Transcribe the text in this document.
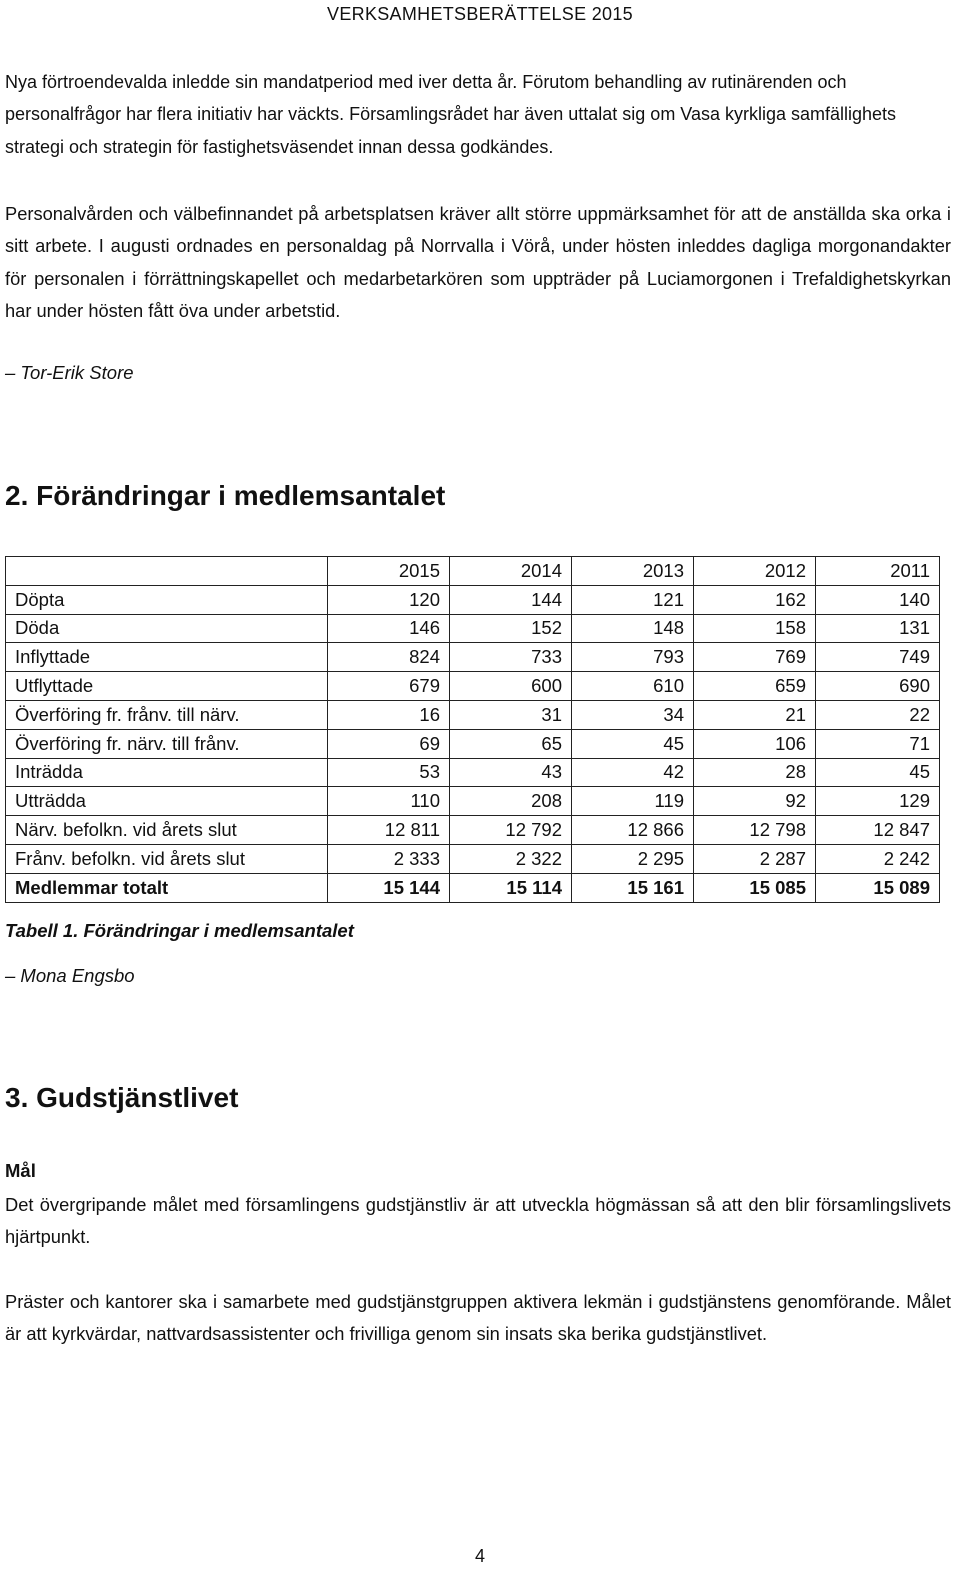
VERKSAMHETSBERÄTTELSE 2015

Nya förtroendevalda inledde sin mandatperiod med iver detta år. Förutom behandling av rutinärenden och personalfrågor har flera initiativ har väckts. Församlingsrådet har även uttalat sig om Vasa kyrkliga samfällighets strategi och strategin för fastighetsväsendet innan dessa godkändes.

Personalvården och välbefinnandet på arbetsplatsen kräver allt större uppmärksamhet för att de anställda ska orka i sitt arbete. I augusti ordnades en personaldag på Norrvalla i Vörå, under hösten inleddes dagliga morgonandakter för personalen i förrättningskapellet och medarbetarkören som uppträder på Luciamorgonen i Trefaldighetskyrkan har under hösten fått öva under arbetstid.

– Tor-Erik Store
2. Förändringar i medlemsantalet
	2015	2014	2013	2012	2011
Döpta	120	144	121	162	140
Döda	146	152	148	158	131
Inflyttade	824	733	793	769	749
Utflyttade	679	600	610	659	690
Överföring fr. frånv. till närv.	16	31	34	21	22
Överföring fr. närv. till frånv.	69	65	45	106	71
Inträdda	53	43	42	28	45
Utträdda	110	208	119	92	129
Närv. befolkn. vid årets slut	12 811	12 792	12 866	12 798	12 847
Frånv. befolkn. vid årets slut	2 333	2 322	2 295	2 287	2 242
Medlemmar totalt	15 144	15 114	15 161	15 085	15 089
Tabell 1. Förändringar i medlemsantalet
– Mona Engsbo
3. Gudstjänstlivet
Mål

Det övergripande målet med församlingens gudstjänstliv är att utveckla högmässan så att den blir församlingslivets hjärtpunkt.

Präster och kantorer ska i samarbete med gudstjänstgruppen aktivera lekmän i gudstjänstens genomförande. Målet är att kyrkvärdar, nattvardsassistenter och frivilliga genom sin insats ska berika gudstjänstlivet.

4
